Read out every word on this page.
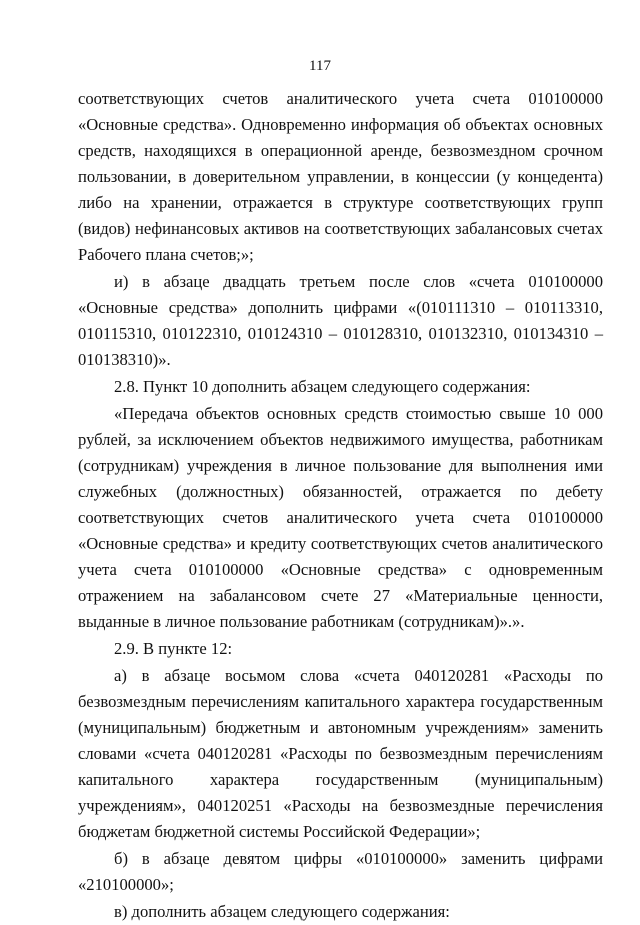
117

соответствующих счетов аналитического учета счета 010100000 «Основные средства». Одновременно информация об объектах основных средств, находящихся в операционной аренде, безвозмездном срочном пользовании, в доверительном управлении, в концессии (у концедента) либо на хранении, отражается в структуре соответствующих групп (видов) нефинансовых активов на соответствующих забалансовых счетах Рабочего плана счетов;»;

и) в абзаце двадцать третьем после слов «счета 010100000 «Основные средства» дополнить цифрами «(010111310 – 010113310, 010115310, 010122310, 010124310 – 010128310, 010132310, 010134310 – 010138310)».

2.8. Пункт 10 дополнить абзацем следующего содержания:

«Передача объектов основных средств стоимостью свыше 10 000 рублей, за исключением объектов недвижимого имущества, работникам (сотрудникам) учреждения в личное пользование для выполнения ими служебных (должностных) обязанностей, отражается по дебету соответствующих счетов аналитического учета счета 010100000 «Основные средства» и кредиту соответствующих счетов аналитического учета счета 010100000 «Основные средства» с одновременным отражением на забалансовом счете 27 «Материальные ценности, выданные в личное пользование работникам (сотрудникам)».».

2.9. В пункте 12:

а) в абзаце восьмом слова «счета 040120281 «Расходы по безвозмездным перечислениям капитального характера государственным (муниципальным) бюджетным и автономным учреждениям» заменить словами «счета 040120281 «Расходы по безвозмездным перечислениям капитального характера государственным (муниципальным) учреждениям», 040120251 «Расходы на безвозмездные перечисления бюджетам бюджетной системы Российской Федерации»;

б) в абзаце девятом цифры «010100000» заменить цифрами «210100000»;

в) дополнить абзацем следующего содержания:
